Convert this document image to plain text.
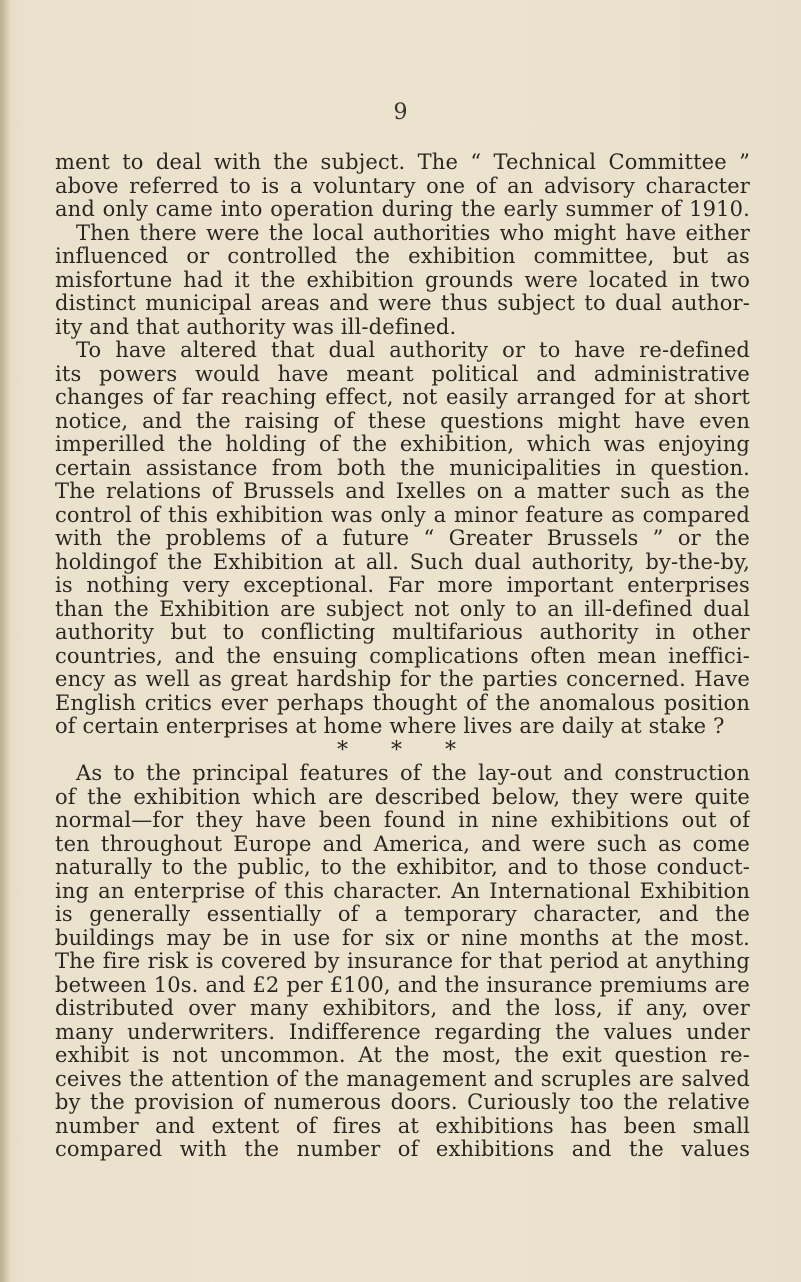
9
ment to deal with the subject. The “ Technical Committee ”
above referred to is a voluntary one of an advisory character
and only came into operation during the early summer of 1910.
Then there were the local authorities who might have either
influenced or controlled the exhibition committee, but as
misfortune had it the exhibition grounds were located in two
distinct municipal areas and were thus subject to dual author-
ity and that authority was ill-defined.
To have altered that dual authority or to have re-defined
its powers would have meant political and administrative
changes of far reaching effect, not easily arranged for at short
notice, and the raising of these questions might have even
imperilled the holding of the exhibition, which was enjoying
certain assistance from both the municipalities in question.
The relations of Brussels and Ixelles on a matter such as the
control of this exhibition was only a minor feature as compared
with the problems of a future “ Greater Brussels ” or the
holdingof the Exhibition at all. Such dual authority, by-the-by,
is nothing very exceptional. Far more important enterprises
than the Exhibition are subject not only to an ill-defined dual
authority but to conflicting multifarious authority in other
countries, and the ensuing complications often mean ineffici-
ency as well as great hardship for the parties concerned. Have
English critics ever perhaps thought of the anomalous position
of certain enterprises at home where lives are daily at stake ?
* * *
As to the principal features of the lay-out and construction
of the exhibition which are described below, they were quite
normal—for they have been found in nine exhibitions out of
ten throughout Europe and America, and were such as come
naturally to the public, to the exhibitor, and to those conduct-
ing an enterprise of this character. An International Exhibition
is generally essentially of a temporary character, and the
buildings may be in use for six or nine months at the most.
The fire risk is covered by insurance for that period at anything
between 10s. and £2 per £100, and the insurance premiums are
distributed over many exhibitors, and the loss, if any, over
many underwriters. Indifference regarding the values under
exhibit is not uncommon. At the most, the exit question re-
ceives the attention of the management and scruples are salved
by the provision of numerous doors. Curiously too the relative
number and extent of fires at exhibitions has been small
compared with the number of exhibitions and the values
